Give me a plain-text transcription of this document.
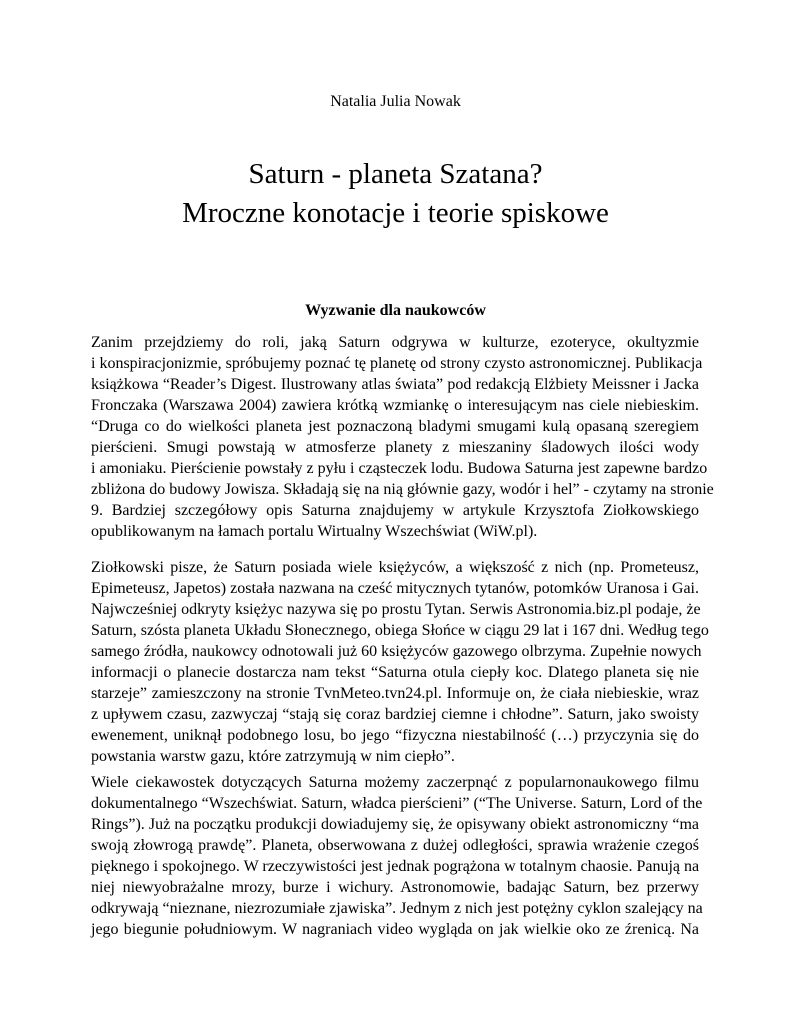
Natalia Julia Nowak
Saturn - planeta Szatana?
Mroczne konotacje i teorie spiskowe
Wyzwanie dla naukowców
Zanim przejdziemy do roli, jaką Saturn odgrywa w kulturze, ezoteryce, okultyzmie
i konspiracjonizmie, spróbujemy poznać tę planetę od strony czysto astronomicznej. Publikacja
książkowa “Reader’s Digest. Ilustrowany atlas świata” pod redakcją Elżbiety Meissner i Jacka
Fronczaka (Warszawa 2004) zawiera krótką wzmiankę o interesującym nas ciele niebieskim.
“Druga co do wielkości planeta jest poznaczoną bladymi smugami kulą opasaną szeregiem
pierścieni. Smugi powstają w atmosferze planety z mieszaniny śladowych ilości wody
i amoniaku. Pierścienie powstały z pyłu i cząsteczek lodu. Budowa Saturna jest zapewne bardzo
zbliżona do budowy Jowisza. Składają się na nią głównie gazy, wodór i hel” - czytamy na stronie
9. Bardziej szczegółowy opis Saturna znajdujemy w artykule Krzysztofa Ziołkowskiego
opublikowanym na łamach portalu Wirtualny Wszechświat (WiW.pl).
Ziołkowski pisze, że Saturn posiada wiele księżyców, a większość z nich (np. Prometeusz,
Epimeteusz, Japetos) została nazwana na cześć mitycznych tytanów, potomków Uranosa i Gai.
Najwcześniej odkryty księżyc nazywa się po prostu Tytan. Serwis Astronomia.biz.pl podaje, że
Saturn, szósta planeta Układu Słonecznego, obiega Słońce w ciągu 29 lat i 167 dni. Według tego
samego źródła, naukowcy odnotowali już 60 księżyców gazowego olbrzyma. Zupełnie nowych
informacji o planecie dostarcza nam tekst “Saturna otula ciepły koc. Dlatego planeta się nie
starzeje” zamieszczony na stronie TvnMeteo.tvn24.pl. Informuje on, że ciała niebieskie, wraz
z upływem czasu, zazwyczaj “stają się coraz bardziej ciemne i chłodne”. Saturn, jako swoisty
ewenement, uniknął podobnego losu, bo jego “fizyczna niestabilność (…) przyczynia się do
powstania warstw gazu, które zatrzymują w nim ciepło”.
Wiele ciekawostek dotyczących Saturna możemy zaczerpnąć z popularnonaukowego filmu
dokumentalnego “Wszechświat. Saturn, władca pierścieni” (“The Universe. Saturn, Lord of the
Rings”). Już na początku produkcji dowiadujemy się, że opisywany obiekt astronomiczny “ma
swoją złowrogą prawdę”. Planeta, obserwowana z dużej odległości, sprawia wrażenie czegoś
pięknego i spokojnego. W rzeczywistości jest jednak pogrążona w totalnym chaosie. Panują na
niej niewyobrażalne mrozy, burze i wichury. Astronomowie, badając Saturn, bez przerwy
odkrywają “nieznane, niezrozumiałe zjawiska”. Jednym z nich jest potężny cyklon szalejący na
jego biegunie południowym. W nagraniach video wygląda on jak wielkie oko ze źrenicą. Na
